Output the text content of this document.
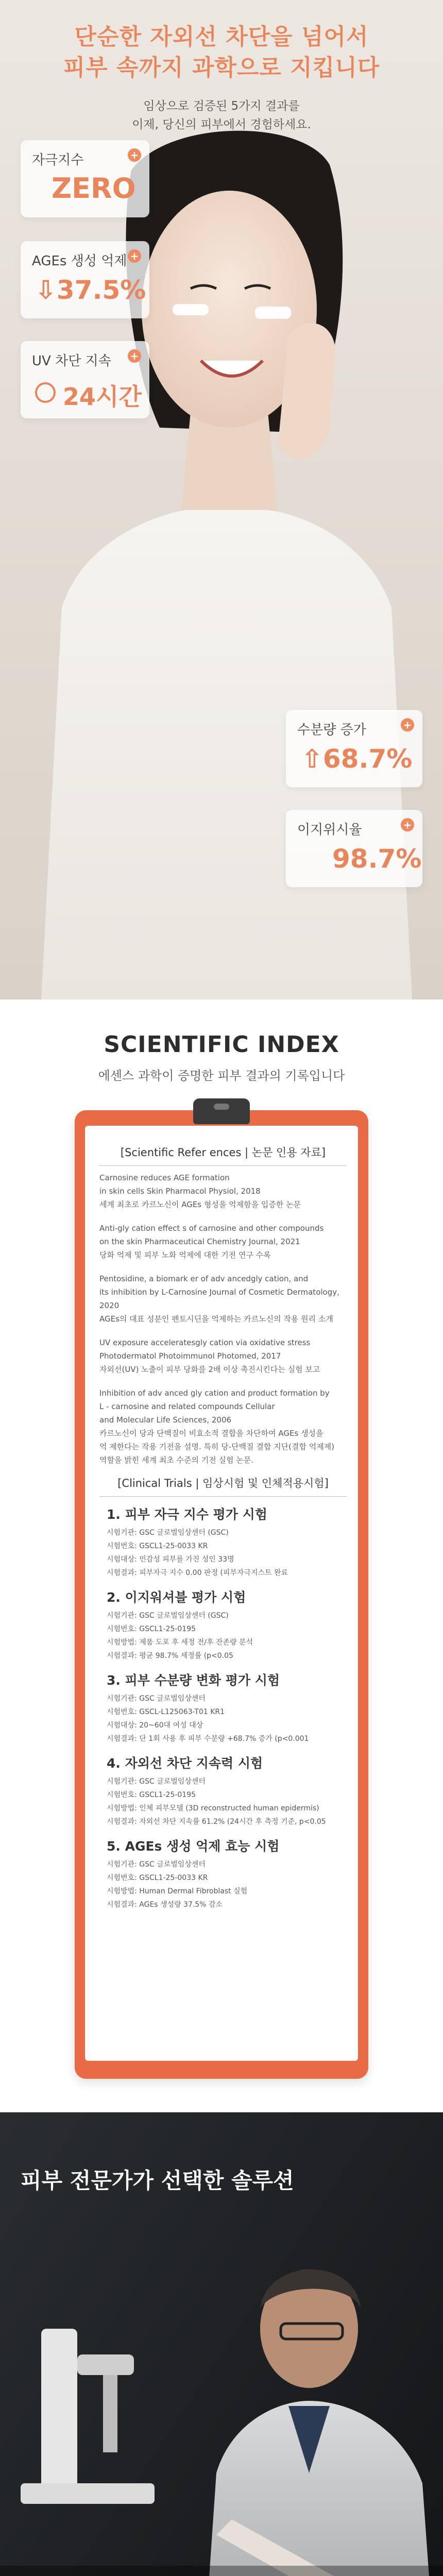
단순한 자외선 차단을 넘어서
피부 속까지 과학으로 지킵니다
임상으로 검증된 5가지 결과를
이제, 당신의 피부에서 경험하세요.
자극지수	+
ZERO
AGEs 생성 억제 +
⇩37.5%
UV 차단 지속 +
24시간
수분량 증가	+
⇧68.7%
이지위시율	+
98.7%
SCIENTIFIC INDEX
에센스 과학이 증명한 피부 결과의 기록입니다
[Scientific Refer ences | 논문 인용 자료]
Carnosine reduces AGE formation
in skin cells Skin Pharmacol Physiol, 2018
세계 최초로 카르노신이 AGEs 형성을 억제함을 입증한 논문
Anti-gly cation effect s of carnosine and other compounds
on the skin Pharmaceutical Chemistry Journal, 2021
당화 억제 및 피부 노화 억제에 대한 기전 연구 수록
Pentosidine, a biomark er of adv ancedgly cation, and
its inhibition by L-Carnosine Journal of Cosmetic Dermatology, 2020
AGEs의 대표 성분인 펜토시딘을 억제하는 카르노신의 작용 원리 소개
UV exposure acceleratesgly cation via oxidative stress
Photodermatol Photoimmunol Photomed, 2017
자외선(UV) 노출이 피부 당화를 2배 이상 촉진시킨다는 실험 보고
Inhibition of adv anced gly cation and product formation by
L - carnosine and related compounds Cellular
and Molecular Life Sciences, 2006
카르노신이 당과 단백질이 비효소적 결합을 차단하여 AGEs 생성을
억 제한다는 작용 기전을 설명. 특히 당-단백질 결합 지단(결합 억제제)
역할을 밝힌 세계 최초 수준의 기전 실험 논문.
[Clinical Trials | 임상시험 및 인체적용시험]
1. 피부 자극 지수 평가 시험
시험기관: GSC 글로벌임상센터 (GSC)
시험번호: GSCL1-25-0033 KR
시험대상: 민감성 피부를 가진 성인 33명
시험결과: 피부자극 지수 0.00 판정 (피부자극지스트 완료
2. 이지워셔블 평가 시험
시험기관: GSC 글로벌임상센터 (GSC)
시험번호: GSCL1-25-0195
시험방법: 제품 도포 후 세정 전/후 잔존량 분석
시험결과: 평균 98.7% 세정률 (p<0.05
3. 피부 수분량 변화 평가 시험
시험기관: GSC 글로벌임상센터
시험번호: GSCL-L125063-T01 KR1
시험대상: 20~60대 여성 대상
시험결과: 단 1회 사용 후 피부 수분량 +68.7% 증가 (p<0.001
4. 자외선 차단 지속력 시험
시험기관: GSC 글로벌임상센터
시험번호: GSCL1-25-0195
시험방법: 인체 피부모델 (3D reconstructed human epidermis)
시험결과: 자외선 차단 지속률 61.2% (24시간 후 측정 기준, p<0.05
5. AGEs 생성 억제 효능 시험
시험기관: GSC 글로벌임상센터
시험번호: GSCL1-25-0033 KR
시험방법: Human Dermal Fibroblast 실험
시험결과: AGEs 생성량 37.5% 감소
피부 전문가가 선택한 솔루션
